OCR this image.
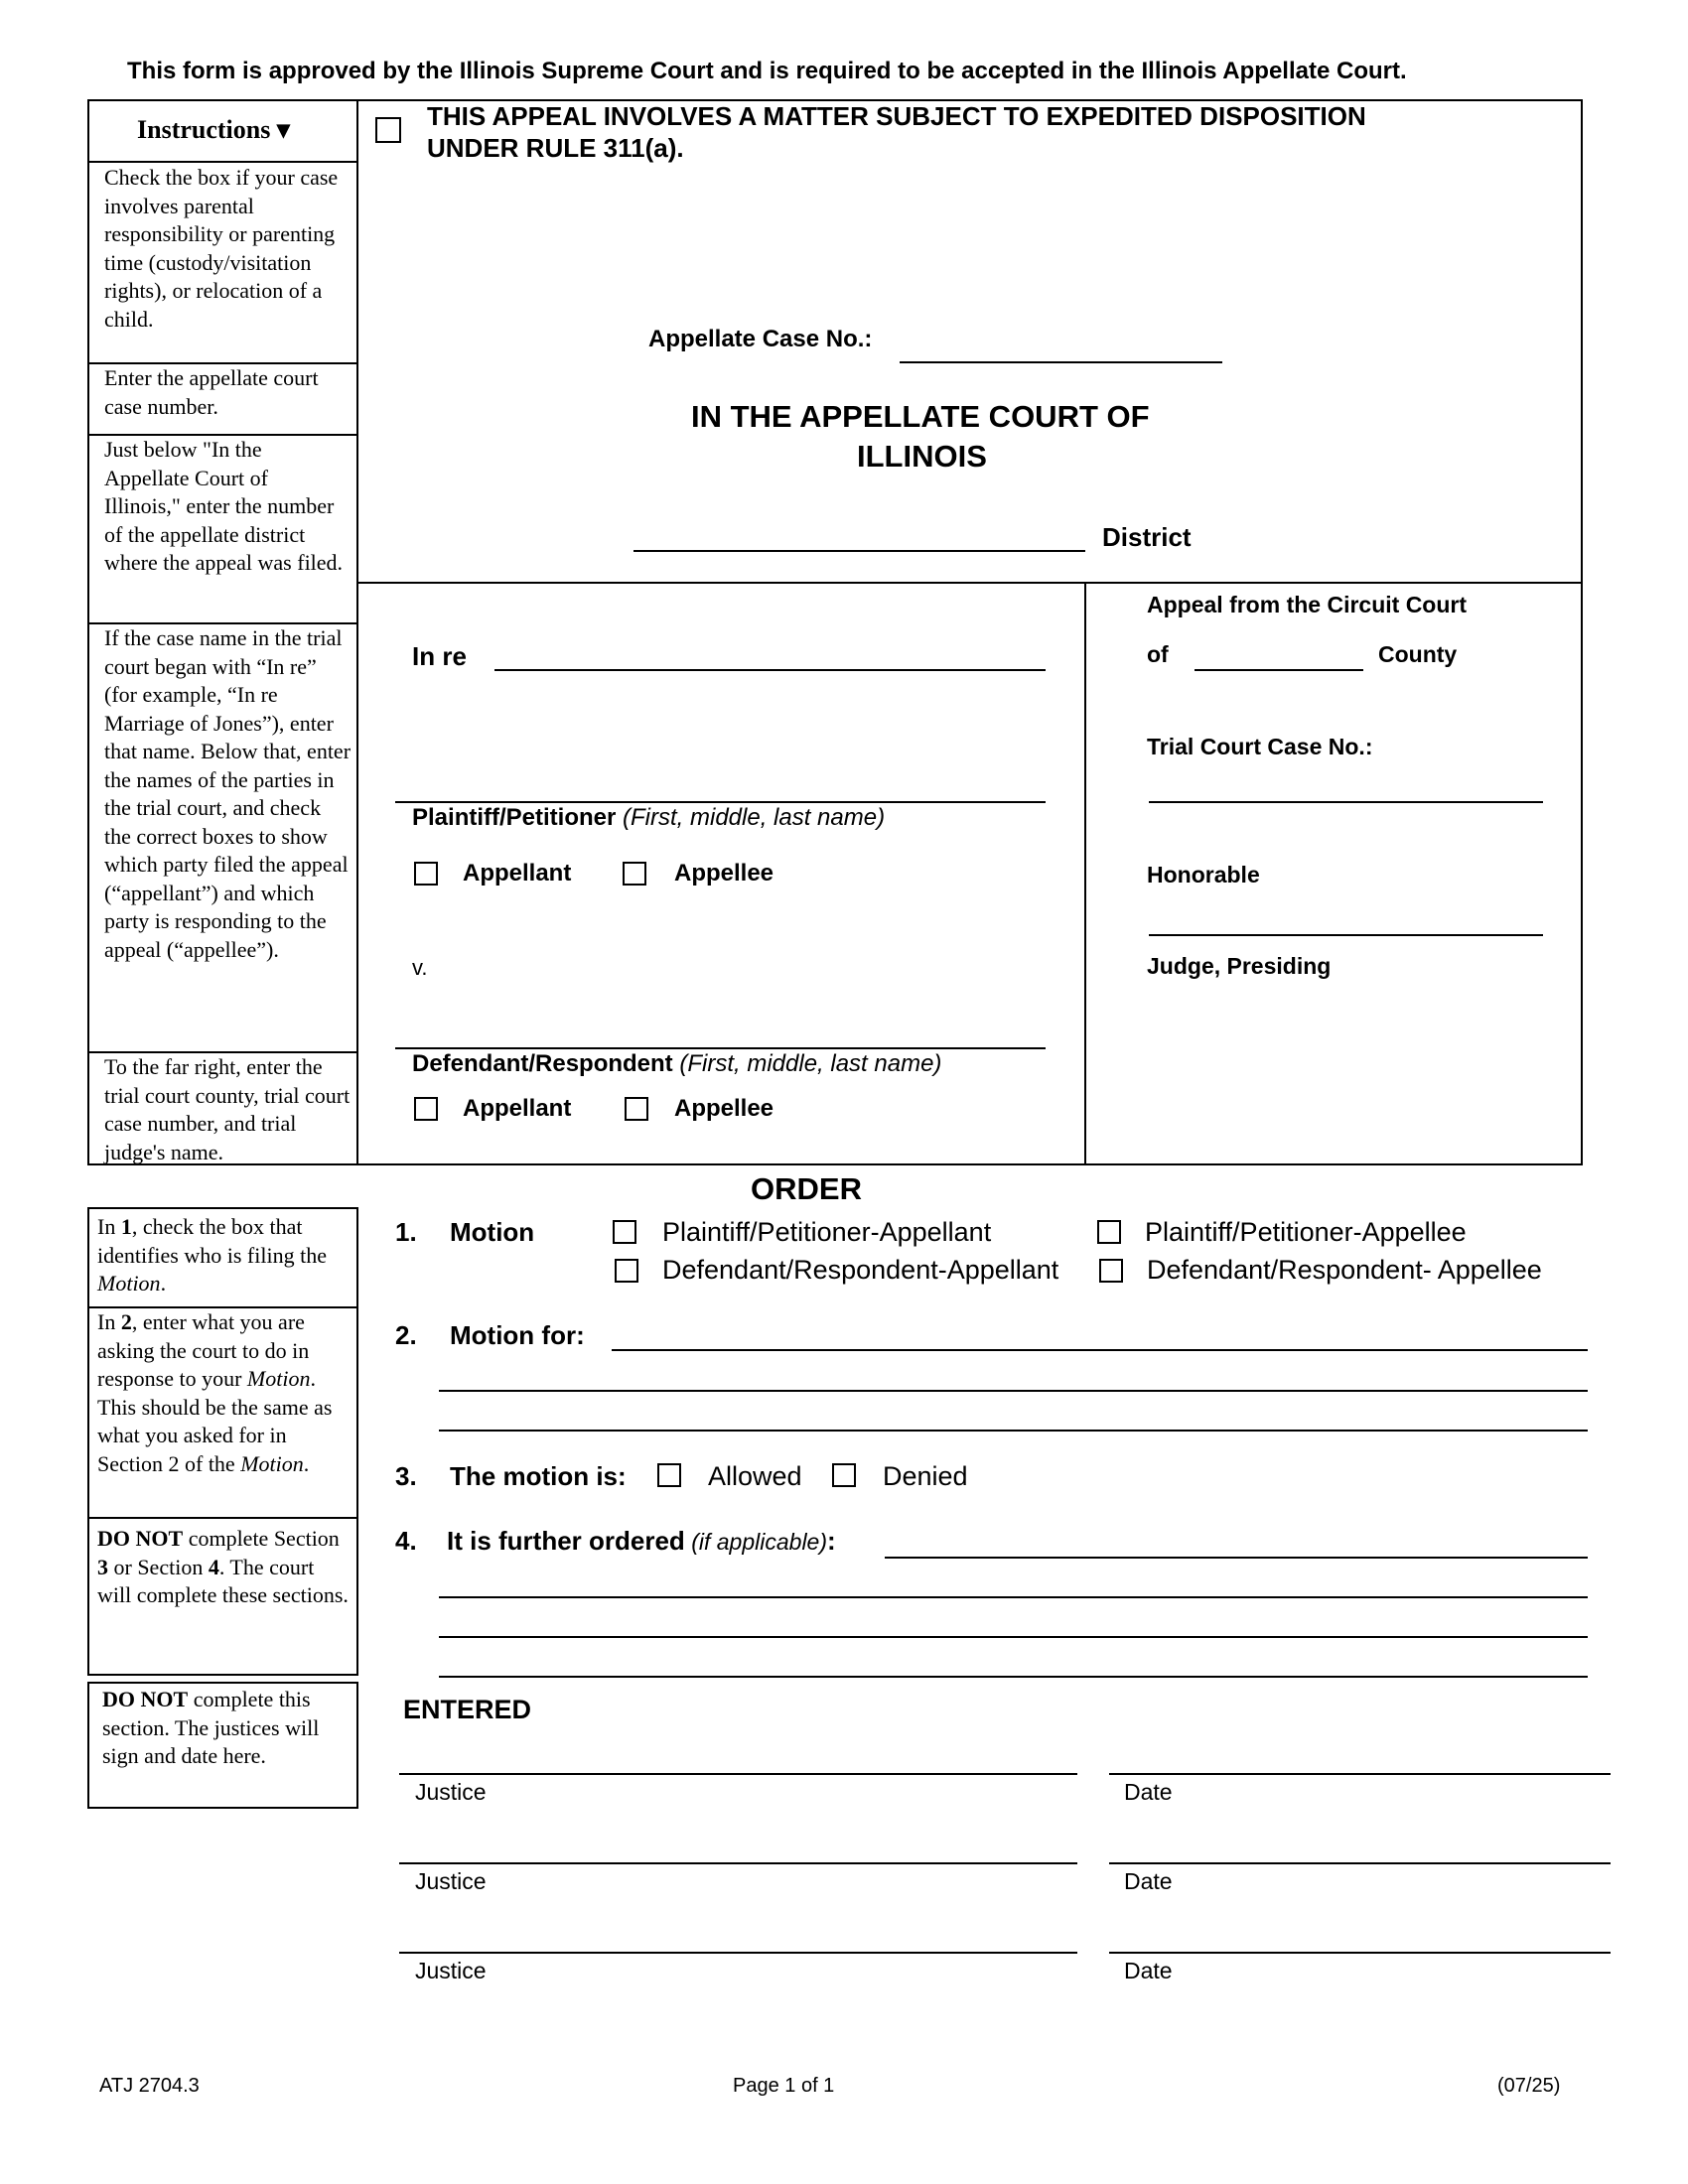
This form is approved by the Illinois Supreme Court and is required to be accepted in the Illinois Appellate Court.
Instructions ▾
Check the box if your case involves parental responsibility or parenting time (custody/visitation rights), or relocation of a child.
Enter the appellate court case number.
Just below "In the Appellate Court of Illinois," enter the number of the appellate district where the appeal was filed.
If the case name in the trial court began with “In re” (for example, “In re Marriage of Jones”), enter that name. Below that, enter the names of the parties in the trial court, and check the correct boxes to show which party filed the appeal (“appellant”) and which party is responding to the appeal (“appellee”).
To the far right, enter the trial court county, trial court case number, and trial judge's name.
THIS APPEAL INVOLVES A MATTER SUBJECT TO EXPEDITED DISPOSITION
UNDER RULE 311(a).
Appellate Case No.:
IN THE APPELLATE COURT OF
ILLINOIS
District
In re
Plaintiff/Petitioner (First, middle, last name)
Appellant	Appellee
v.
Defendant/Respondent (First, middle, last name)
Appellant	Appellee
Appeal from the Circuit Court
of	County
Trial Court Case No.:
Honorable
Judge, Presiding
ORDER
In 1, check the box that identifies who is filing the Motion.
In 2, enter what you are asking the court to do in response to your Motion. This should be the same as what you asked for in Section 2 of the Motion.
DO NOT complete Section 3 or Section 4. The court will complete these sections.
DO NOT complete this section. The justices will sign and date here.
1. Motion	Plaintiff/Petitioner-Appellant	Plaintiff/Petitioner-Appellee
Defendant/Respondent-Appellant	Defendant/Respondent- Appellee
2. Motion for:
3. The motion is:	Allowed	Denied
4. It is further ordered (if applicable):
ENTERED
Justice	Date
Justice	Date
Justice	Date
ATJ 2704.3	Page 1 of 1	(07/25)
